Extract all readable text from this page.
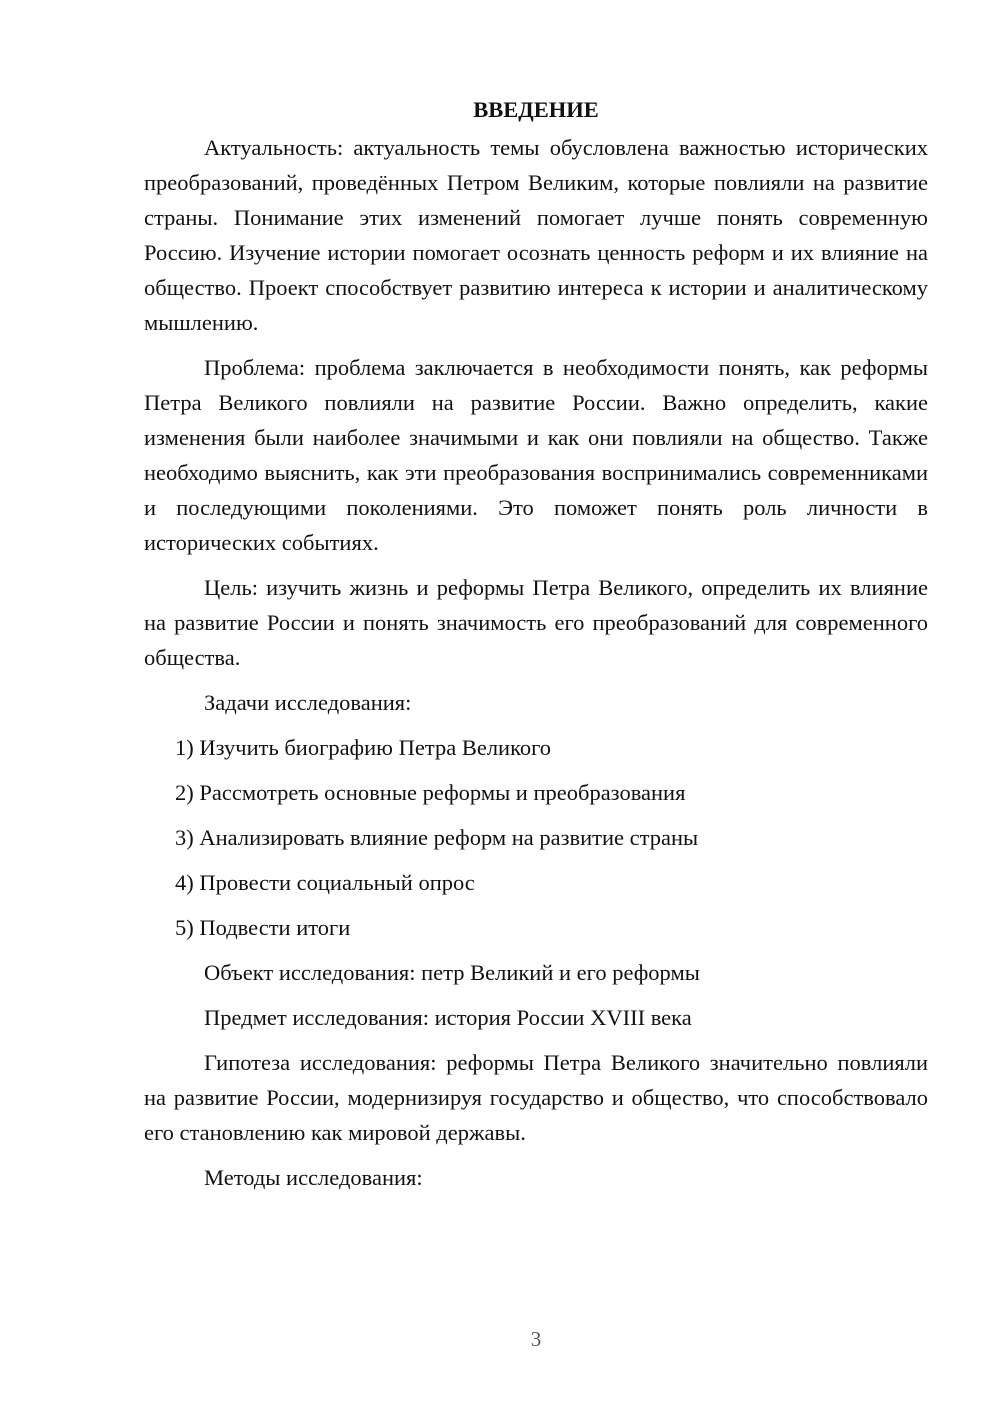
ВВЕДЕНИЕ

Актуальность: актуальность темы обусловлена важностью исторических преобразований, проведённых Петром Великим, которые повлияли на развитие страны. Понимание этих изменений помогает лучше понять современную Россию. Изучение истории помогает осознать ценность реформ и их влияние на общество. Проект способствует развитию интереса к истории и аналитическому мышлению.

Проблема: проблема заключается в необходимости понять, как реформы Петра Великого повлияли на развитие России. Важно определить, какие изменения были наиболее значимыми и как они повлияли на общество. Также необходимо выяснить, как эти преобразования воспринимались современниками и последующими поколениями. Это поможет понять роль личности в исторических событиях.

Цель: изучить жизнь и реформы Петра Великого, определить их влияние на развитие России и понять значимость его преобразований для современного общества.

Задачи исследования:

1) Изучить биографию Петра Великого

2) Рассмотреть основные реформы и преобразования

3) Анализировать влияние реформ на развитие страны

4) Провести социальный опрос

5) Подвести итоги

Объект исследования: петр Великий и его реформы

Предмет исследования: история России XVIII века

Гипотеза исследования: реформы Петра Великого значительно повлияли на развитие России, модернизируя государство и общество, что способствовало его становлению как мировой державы.

Методы исследования:

3
